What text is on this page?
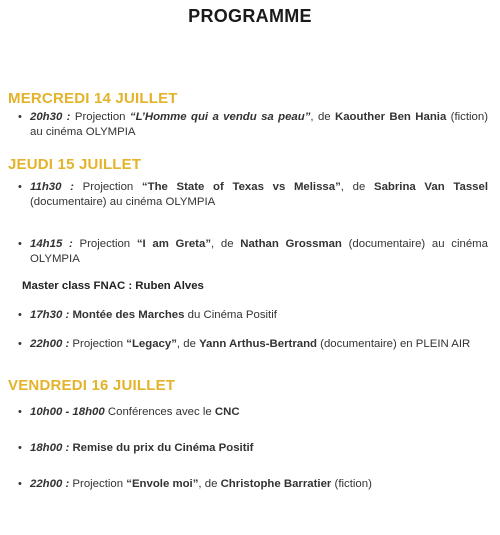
PROGRAMME
MERCREDI 14 JUILLET
• 20h30 : Projection “L’Homme qui a vendu sa peau”, de Kaouther Ben Hania (fiction) au cinéma OLYMPIA
JEUDI 15 JUILLET
• 11h30 : Projection “The State of Texas vs Melissa”, de Sabrina Van Tassel (documentaire) au cinéma OLYMPIA
• 14h15 : Projection “I am Greta”, de Nathan Grossman (documentaire) au cinéma OLYMPIA
Master class FNAC : Ruben Alves
• 17h30 : Montée des Marches du Cinéma Positif
• 22h00 : Projection “Legacy”, de Yann Arthus-Bertrand (documentaire) en PLEIN AIR
VENDREDI 16 JUILLET
• 10h00 - 18h00 Conférences avec le CNC
• 18h00 : Remise du prix du Cinéma Positif
• 22h00 : Projection “Envole moi”, de Christophe Barratier (fiction)
